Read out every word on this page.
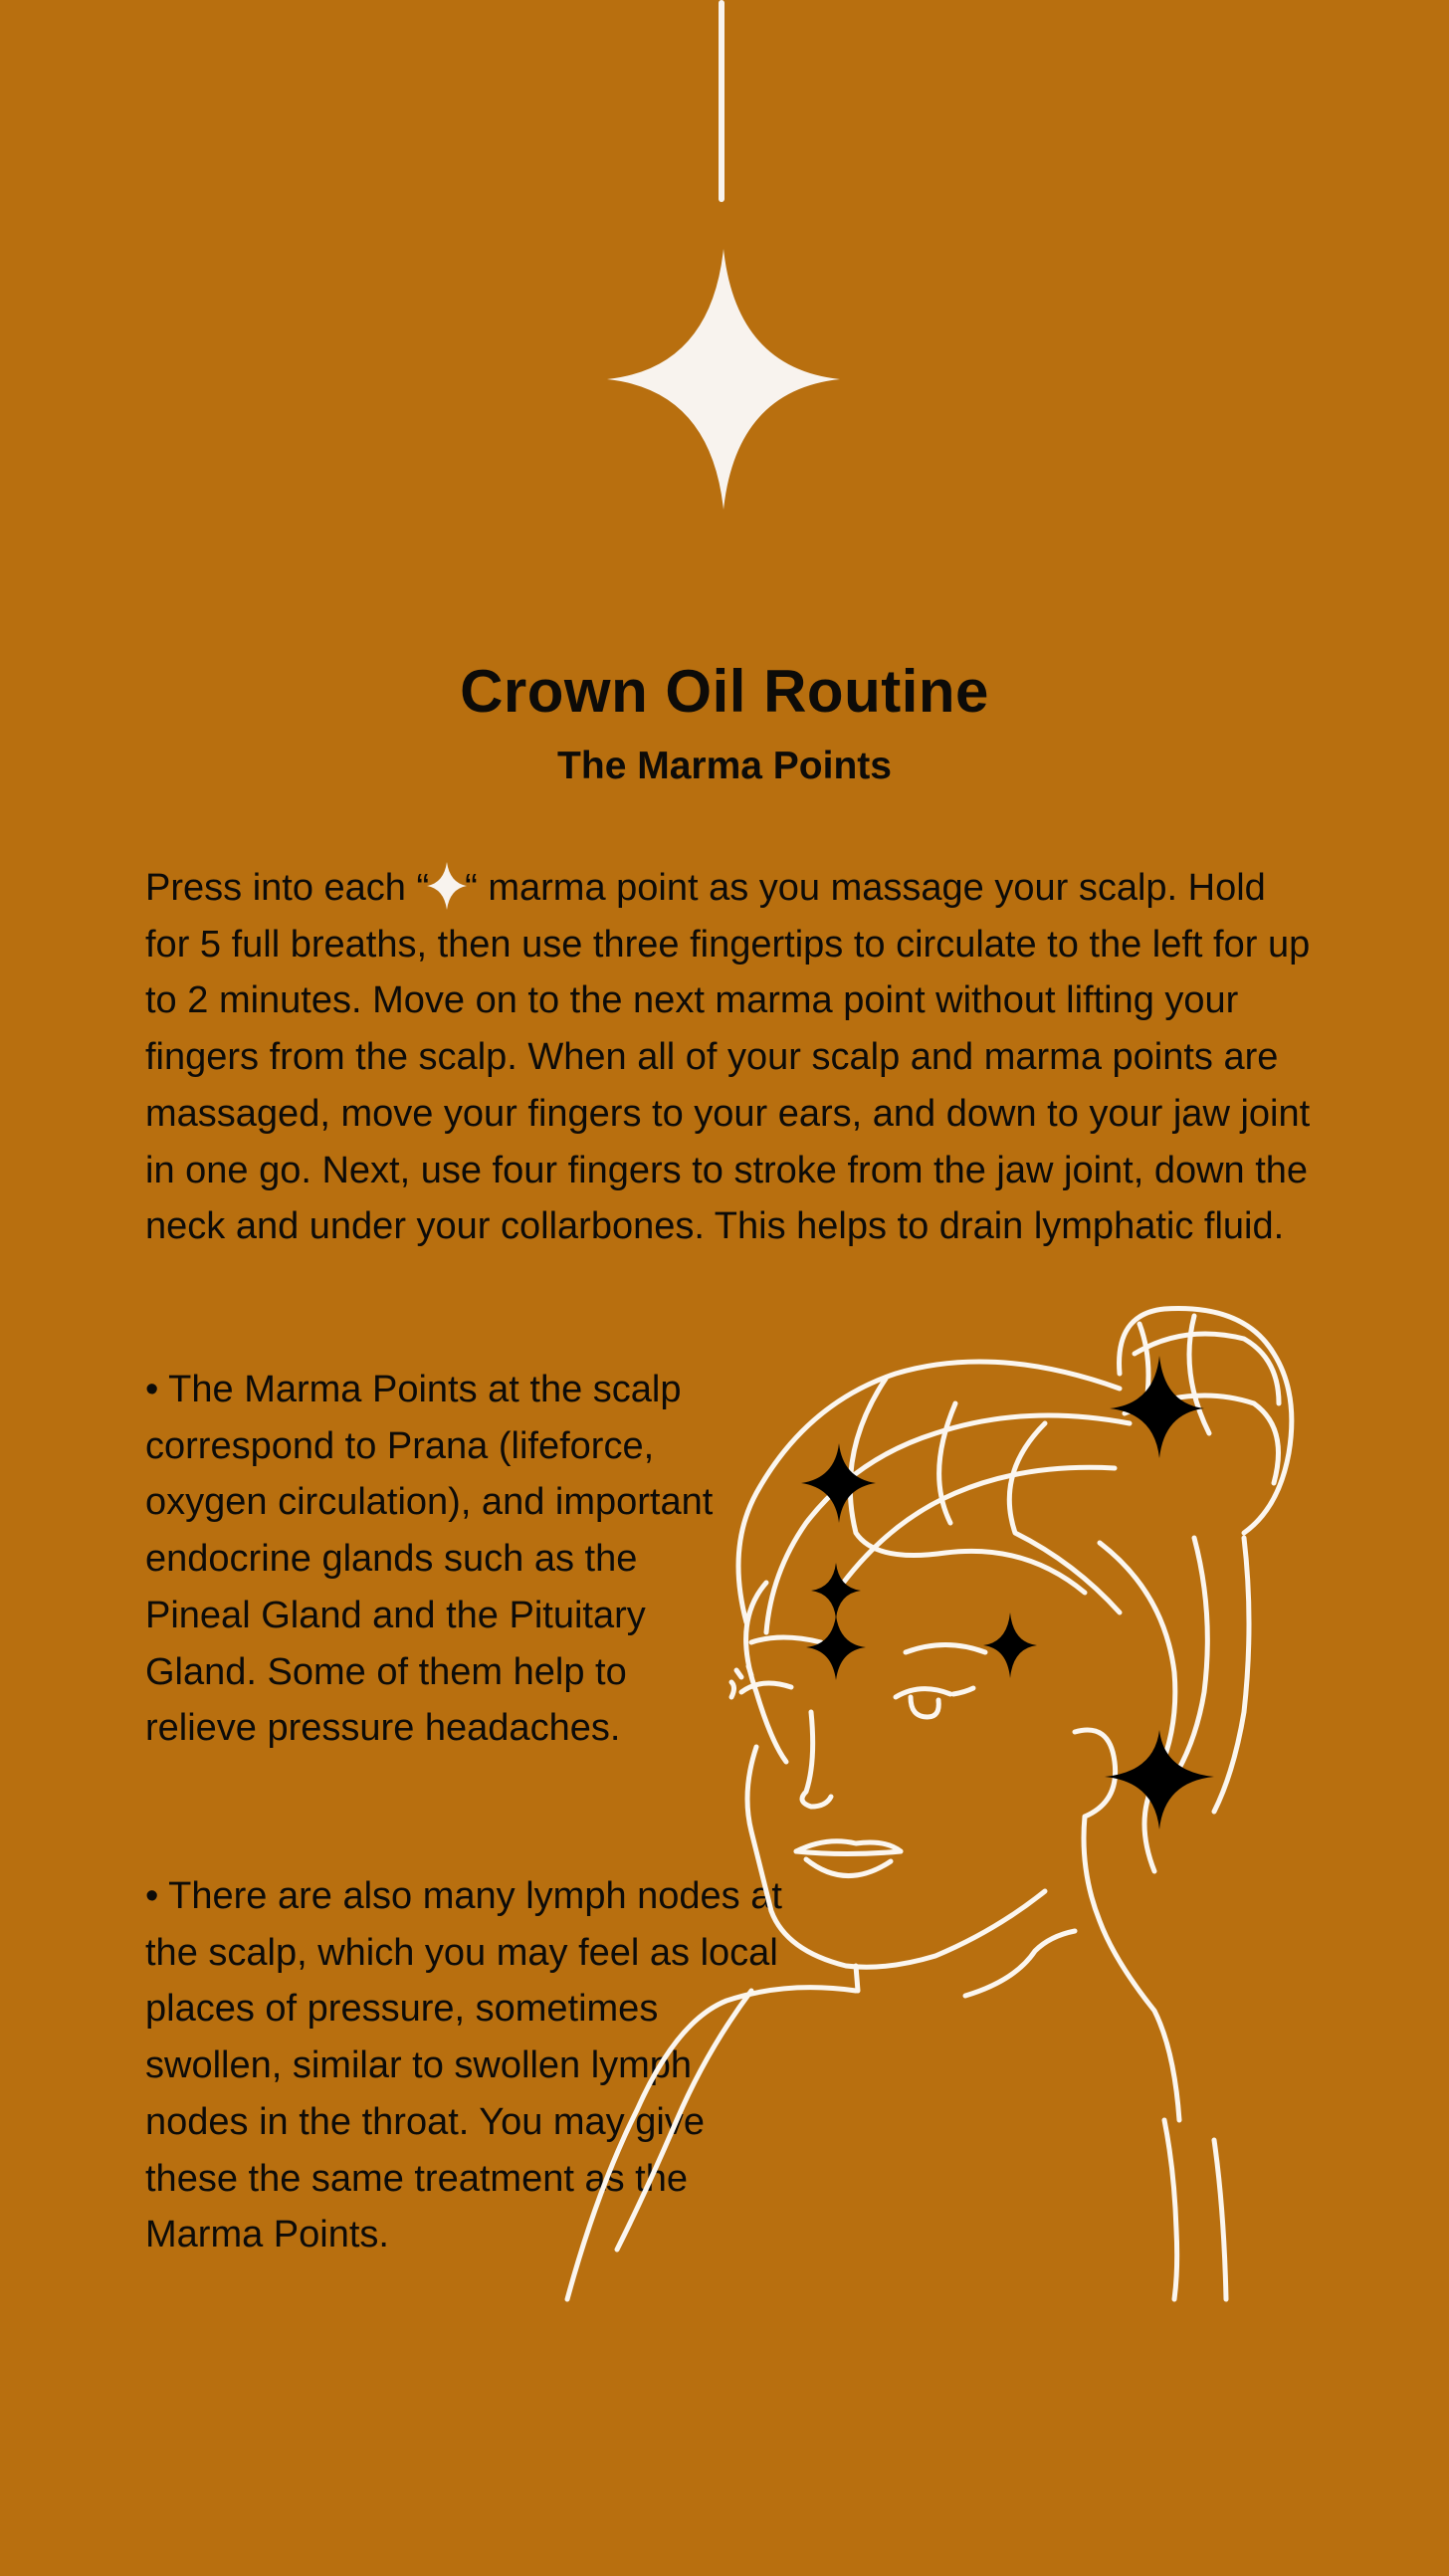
Crown Oil Routine
The Marma Points

Press into each “ “ marma point as you massage your scalp. Hold for 5 full breaths, then use three fingertips to circulate to the left for up to 2 minutes. Move on to the next marma point without lifting your fingers from the scalp. When all of your scalp and marma points are massaged, move your fingers to your ears, and down to your jaw joint in one go. Next, use four fingers to stroke from the jaw joint, down the neck and under your collarbones. This helps to drain lymphatic fluid.

• The Marma Points at the scalp correspond to Prana (lifeforce, oxygen circulation), and important endocrine glands such as the Pineal Gland and the Pituitary Gland. Some of them help to relieve pressure headaches.

• There are also many lymph nodes at the scalp, which you may feel as local places of pressure, sometimes swollen, similar to swollen lymph nodes in the throat. You may give these the same treatment as the Marma Points.
